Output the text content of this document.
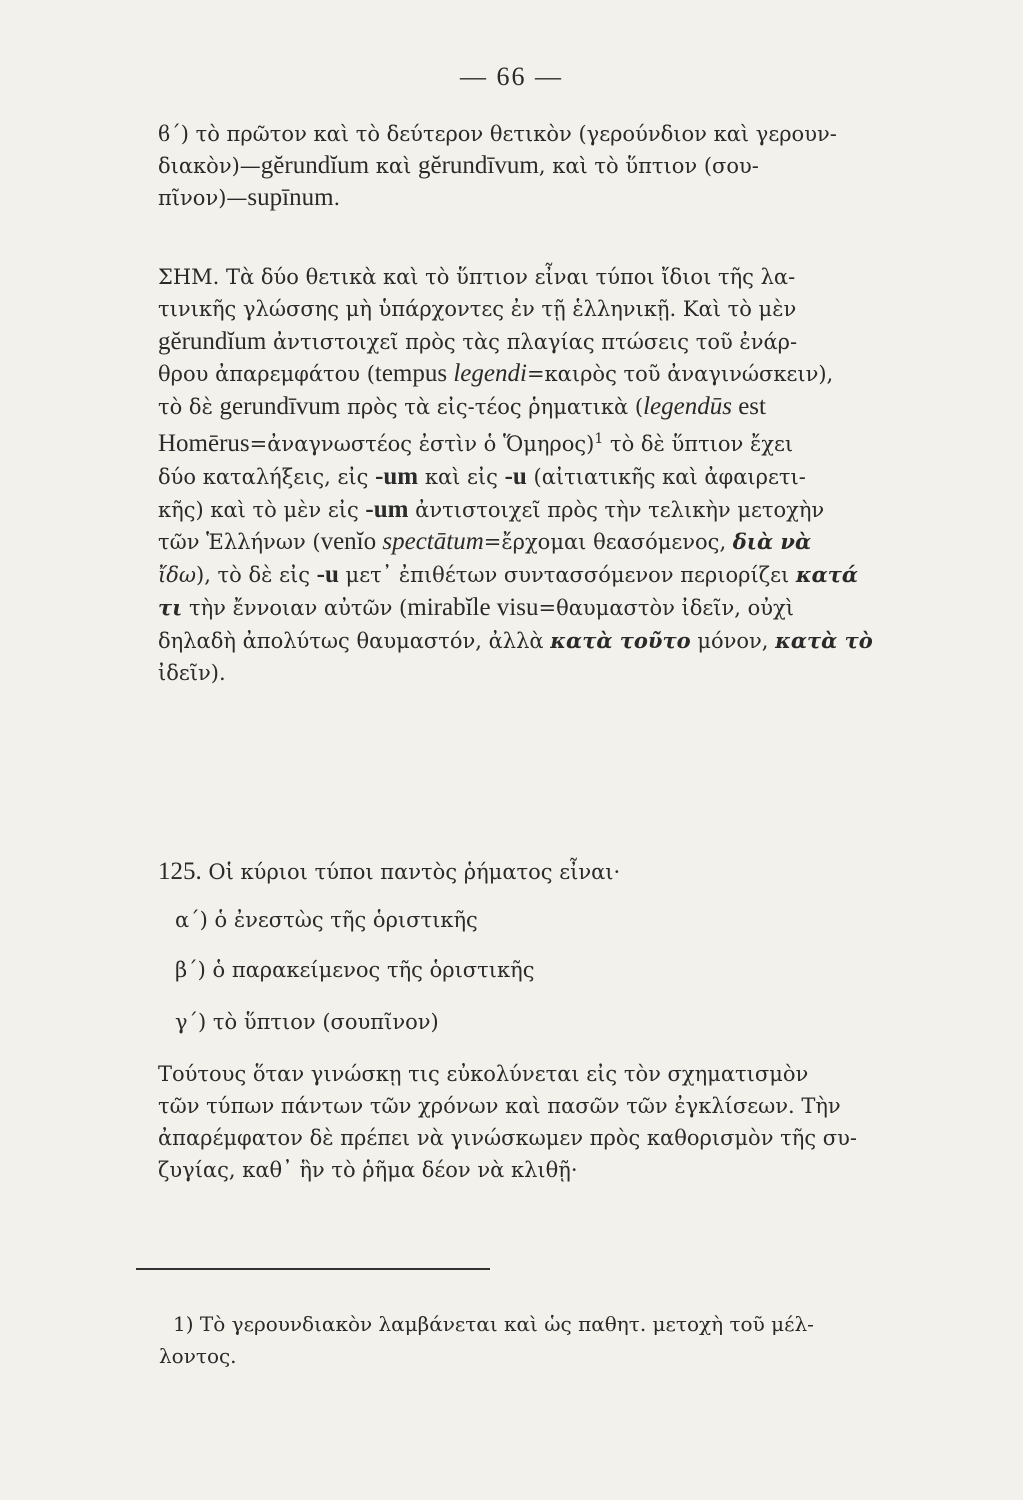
— 66 —
ϐ΄) τὸ πρῶτον καὶ τὸ δεύτερον θετικὸν (γερούνδιον καὶ γερουν-
διακὸν)—gĕrundĭum καὶ gĕrundīvum, καὶ τὸ ὕπτιον (σου-
πῖνον)—supīnum.
ΣΗΜ. Τὰ δύο θετικὰ καὶ τὸ ὕπτιον εἶναι τύποι ἴδιοι τῆς λα-
τινικῆς γλώσσης μὴ ὑπάρχοντες ἐν τῇ ἑλληνικῇ. Καὶ τὸ μὲν
gĕrundĭum ἀντιστοιχεῖ πρὸς τὰς πλαγίας πτώσεις τοῦ ἐνάρ-
θρου ἀπαρεμφάτου (tempus legendi=καιρὸς τοῦ ἀναγινώσκειν),
τὸ δὲ gerundīvum πρὸς τὰ εἰς-τέος ῥηματικὰ (legendūs est
Homērus=ἀναγνωστέος ἐστὶν ὁ Ὅμηρος)$^1$ τὸ δὲ ὕπτιον ἔχει
δύο καταλήξεις, εἰς -um καὶ εἰς -u (αἰτιατικῆς καὶ ἀφαιρετι-
κῆς) καὶ τὸ μὲν εἰς -um ἀντιστοιχεῖ πρὸς τὴν τελικὴν μετοχὴν
τῶν Ἑλλήνων (venĭo spectātum=ἔρχομαι θεασόμενος, διὰ νὰ
ἴδω), τὸ δὲ εἰς -u μετ᾽ ἐπιθέτων συντασσόμενον περιορίζει κατά
τι τὴν ἔννοιαν αὐτῶν (mirabĭle visu=θαυμαστὸν ἰδεῖν, οὐχὶ
δηλαδὴ ἀπολύτως θαυμαστόν, ἀλλὰ κατὰ τοῦτο μόνον, κατὰ τὸ
ἰδεῖν).
125. Οἱ κύριοι τύποι παντὸς ῥήματος εἶναι·
α΄) ὁ ἐνεστὼς τῆς ὁριστικῆς
β΄) ὁ παρακείμενος τῆς ὁριστικῆς
γ΄) τὸ ὕπτιον (σουπῖνον)
Τούτους ὅταν γινώσκῃ τις εὐκολύνεται εἰς τὸν σχηματισμὸν
τῶν τύπων πάντων τῶν χρόνων καὶ πασῶν τῶν ἐγκλίσεων. Τὴν
ἀπαρέμφατον δὲ πρέπει νὰ γινώσκωμεν πρὸς καθορισμὸν τῆς συ-
ζυγίας, καθ᾽ ἣν τὸ ῥῆμα δέον νὰ κλιθῇ·
1) Τὸ γερουνδιακὸν λαμβάνεται καὶ ὡς παθητ. μετοχὴ τοῦ μέλ-
λοντος.
